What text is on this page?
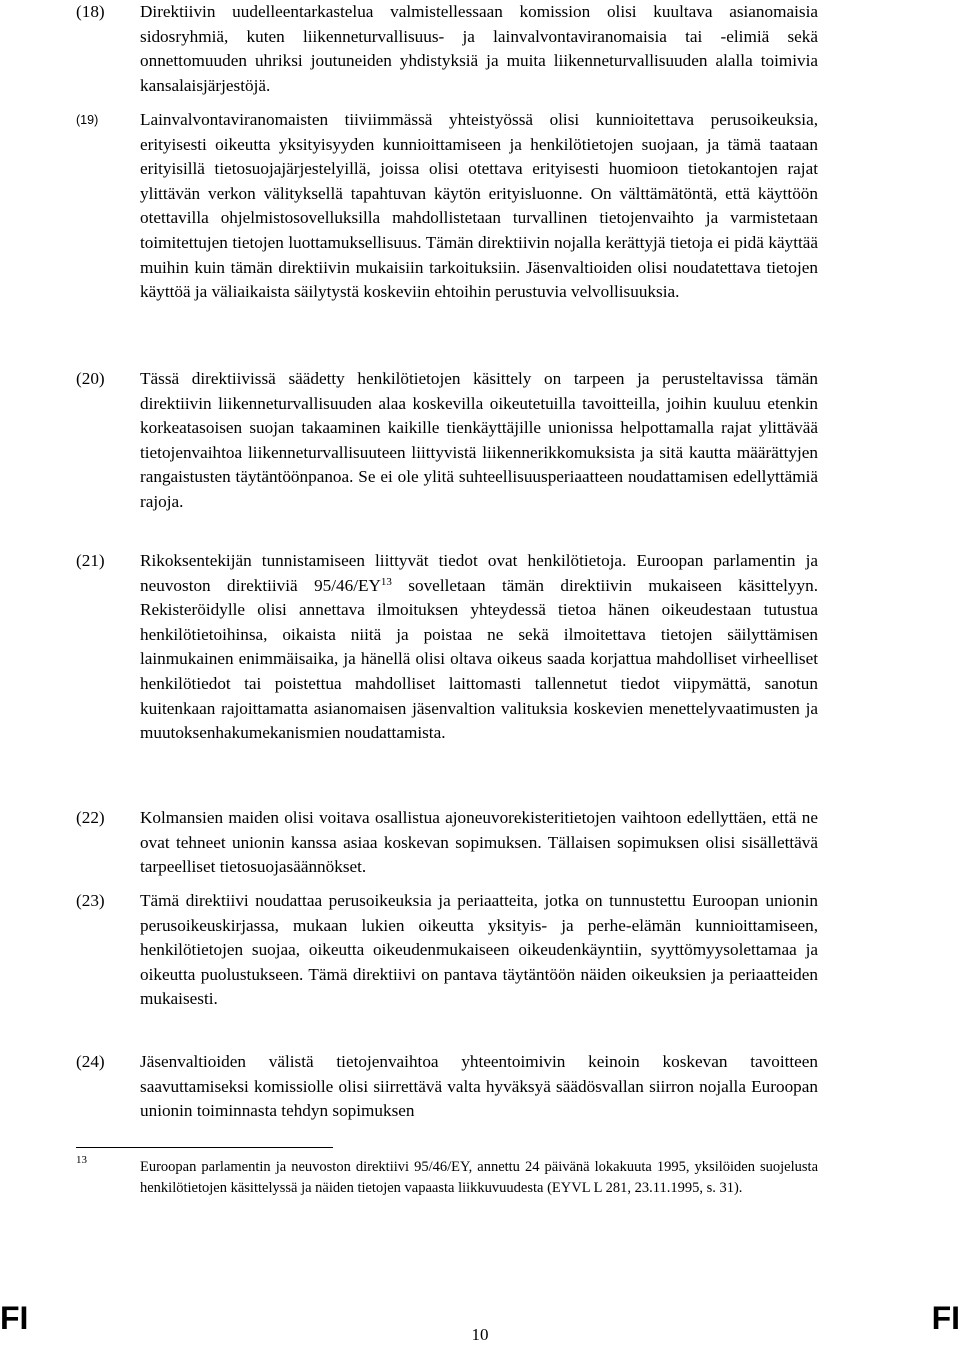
(18) Direktiivin uudelleentarkastelua valmistellessaan komission olisi kuultava asianomaisia sidosryhmiä, kuten liikenneturvallisuus- ja lainvalvontaviranomaisia tai -elimiä sekä onnettomuuden uhriksi joutuneiden yhdistyksiä ja muita liikenneturvallisuuden alalla toimivia kansalaisjärjestöjä.
(19) Lainvalvontaviranomaisten tiiviimmässä yhteistyössä olisi kunnioitettava perusoikeuksia, erityisesti oikeutta yksityisyyden kunnioittamiseen ja henkilötietojen suojaan, ja tämä taataan erityisillä tietosuojajärjestelyillä, joissa olisi otettava erityisesti huomioon tietokantojen rajat ylittävän verkon välityksellä tapahtuvan käytön erityisluonne. On välttämätöntä, että käyttöön otettavilla ohjelmistosovelluksilla mahdollistetaan turvallinen tietojenvaihto ja varmistetaan toimitettujen tietojen luottamuksellisuus. Tämän direktiivin nojalla kerättyjä tietoja ei pidä käyttää muihin kuin tämän direktiivin mukaisiin tarkoituksiin. Jäsenvaltioiden olisi noudatettava tietojen käyttöä ja väliaikaista säilytystä koskeviin ehtoihin perustuvia velvollisuuksia.
(20) Tässä direktiivissä säädetty henkilötietojen käsittely on tarpeen ja perusteltavissa tämän direktiivin liikenneturvallisuuden alaa koskevilla oikeutetuilla tavoitteilla, joihin kuuluu etenkin korkeatasoisen suojan takaaminen kaikille tienkäyttäjille unionissa helpottamalla rajat ylittävää tietojenvaihtoa liikenneturvallisuuteen liittyvistä liikennerikkomuksista ja sitä kautta määrättyjen rangaistusten täytäntöönpanoa. Se ei ole ylitä suhteellisuusperiaatteen noudattamisen edellyttämiä rajoja.
(21) Rikoksentekijän tunnistamiseen liittyvät tiedot ovat henkilötietoja. Euroopan parlamentin ja neuvoston direktiiviä 95/46/EY$^{13}$ sovelletaan tämän direktiivin mukaiseen käsittelyyn. Rekisteröidylle olisi annettava ilmoituksen yhteydessä tietoa hänen oikeudestaan tutustua henkilötietoihinsa, oikaista niitä ja poistaa ne sekä ilmoitettava tietojen säilyttämisen lainmukainen enimmäisaika, ja hänellä olisi oltava oikeus saada korjattua mahdolliset virheelliset henkilötiedot tai poistettua mahdolliset laittomasti tallennetut tiedot viipymättä, sanotun kuitenkaan rajoittamatta asianomaisen jäsenvaltion valituksia koskevien menettelyvaatimusten ja muutoksenhakumekanismien noudattamista.
(22) Kolmansien maiden olisi voitava osallistua ajoneuvorekisteritietojen vaihtoon edellyttäen, että ne ovat tehneet unionin kanssa asiaa koskevan sopimuksen. Tällaisen sopimuksen olisi sisällettävä tarpeelliset tietosuojasäännökset.
(23) Tämä direktiivi noudattaa perusoikeuksia ja periaatteita, jotka on tunnustettu Euroopan unionin perusoikeuskirjassa, mukaan lukien oikeutta yksityis- ja perhe-elämän kunnioittamiseen, henkilötietojen suojaa, oikeutta oikeudenmukaiseen oikeudenkäyntiin, syyttömyysolettamaa ja oikeutta puolustukseen. Tämä direktiivi on pantava täytäntöön näiden oikeuksien ja periaatteiden mukaisesti.
(24) Jäsenvaltioiden välistä tietojenvaihtoa yhteentoimivin keinoin koskevan tavoitteen saavuttamiseksi komissiolle olisi siirrettävä valta hyväksyä säädösvallan siirron nojalla Euroopan unionin toiminnasta tehdyn sopimuksen
13	Euroopan parlamentin ja neuvoston direktiivi 95/46/EY, annettu 24 päivänä lokakuuta 1995, yksilöiden suojelusta henkilötietojen käsittelyssä ja näiden tietojen vapaasta liikkuvuudesta (EYVL L 281, 23.11.1995, s. 31).
FI	10	FI
